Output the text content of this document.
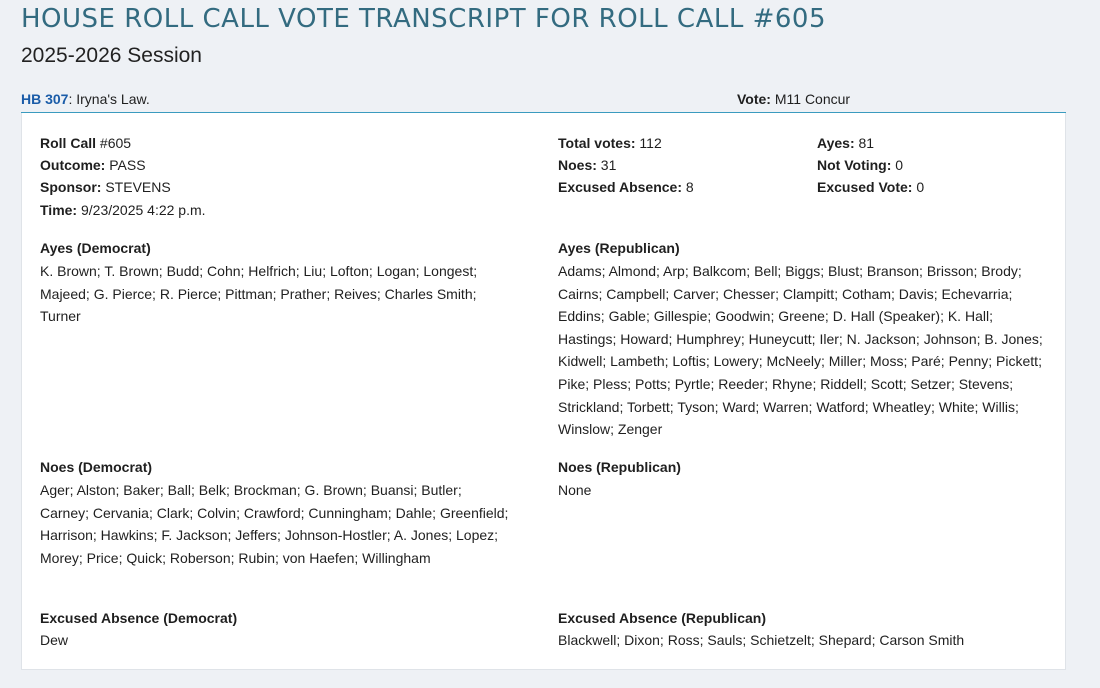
HOUSE ROLL CALL VOTE TRANSCRIPT FOR ROLL CALL #605
2025-2026 Session
HB 307: Iryna's Law.	Vote: M11 Concur
Roll Call #605
Outcome: PASS
Sponsor: STEVENS
Time: 9/23/2025 4:22 p.m.
Total votes: 112
Noes: 31
Excused Absence: 8
Ayes: 81
Not Voting: 0
Excused Vote: 0
Ayes (Democrat)
K. Brown; T. Brown; Budd; Cohn; Helfrich; Liu; Lofton; Logan; Longest; Majeed; G. Pierce; R. Pierce; Pittman; Prather; Reives; Charles Smith; Turner
Ayes (Republican)
Adams; Almond; Arp; Balkcom; Bell; Biggs; Blust; Branson; Brisson; Brody; Cairns; Campbell; Carver; Chesser; Clampitt; Cotham; Davis; Echevarria; Eddins; Gable; Gillespie; Goodwin; Greene; D. Hall (Speaker); K. Hall; Hastings; Howard; Humphrey; Huneycutt; Iler; N. Jackson; Johnson; B. Jones; Kidwell; Lambeth; Loftis; Lowery; McNeely; Miller; Moss; Paré; Penny; Pickett; Pike; Pless; Potts; Pyrtle; Reeder; Rhyne; Riddell; Scott; Setzer; Stevens; Strickland; Torbett; Tyson; Ward; Warren; Watford; Wheatley; White; Willis; Winslow; Zenger
Noes (Democrat)
Ager; Alston; Baker; Ball; Belk; Brockman; G. Brown; Buansi; Butler; Carney; Cervania; Clark; Colvin; Crawford; Cunningham; Dahle; Greenfield; Harrison; Hawkins; F. Jackson; Jeffers; Johnson-Hostler; A. Jones; Lopez; Morey; Price; Quick; Roberson; Rubin; von Haefen; Willingham
Noes (Republican)
None
Excused Absence (Democrat)
Dew
Excused Absence (Republican)
Blackwell; Dixon; Ross; Sauls; Schietzelt; Shepard; Carson Smith
